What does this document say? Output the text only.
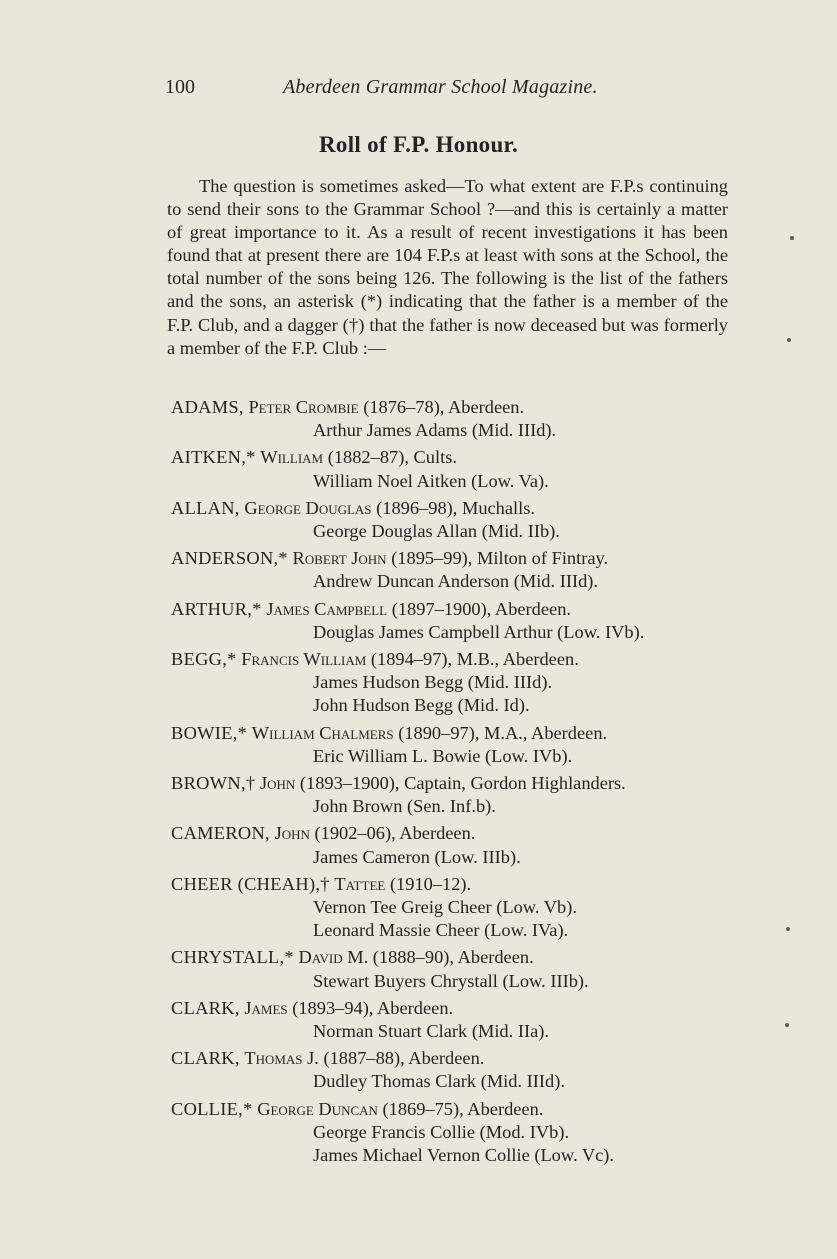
100	Aberdeen Grammar School Magazine.
Roll of F.P. Honour.

The question is sometimes asked—To what extent are F.P.s continuing to send their sons to the Grammar School ?—and this is certainly a matter of great importance to it. As a result of recent investigations it has been found that at present there are 104 F.P.s at least with sons at the School, the total number of the sons being 126. The following is the list of the fathers and the sons, an asterisk (*) indicating that the father is a member of the F.P. Club, and a dagger (†) that the father is now deceased but was formerly a member of the F.P. Club :—

ADAMS, Peter Crombie (1876–78), Aberdeen.
Arthur James Adams (Mid. IIId).
AITKEN,* William (1882–87), Cults.
William Noel Aitken (Low. Va).
ALLAN, George Douglas (1896–98), Muchalls.
George Douglas Allan (Mid. IIb).
ANDERSON,* Robert John (1895–99), Milton of Fintray.
Andrew Duncan Anderson (Mid. IIId).
ARTHUR,* James Campbell (1897–1900), Aberdeen.
Douglas James Campbell Arthur (Low. IVb).
BEGG,* Francis William (1894–97), M.B., Aberdeen.
James Hudson Begg (Mid. IIId).
John Hudson Begg (Mid. Id).
BOWIE,* William Chalmers (1890–97), M.A., Aberdeen.
Eric William L. Bowie (Low. IVb).
BROWN,† John (1893–1900), Captain, Gordon Highlanders.
John Brown (Sen. Inf.b).
CAMERON, John (1902–06), Aberdeen.
James Cameron (Low. IIIb).
CHEER (CHEAH),† Tattee (1910–12).
Vernon Tee Greig Cheer (Low. Vb).
Leonard Massie Cheer (Low. IVa).
CHRYSTALL,* David M. (1888–90), Aberdeen.
Stewart Buyers Chrystall (Low. IIIb).
CLARK, James (1893–94), Aberdeen.
Norman Stuart Clark (Mid. IIa).
CLARK, Thomas J. (1887–88), Aberdeen.
Dudley Thomas Clark (Mid. IIId).
COLLIE,* George Duncan (1869–75), Aberdeen.
George Francis Collie (Mod. IVb).
James Michael Vernon Collie (Low. Vc).
